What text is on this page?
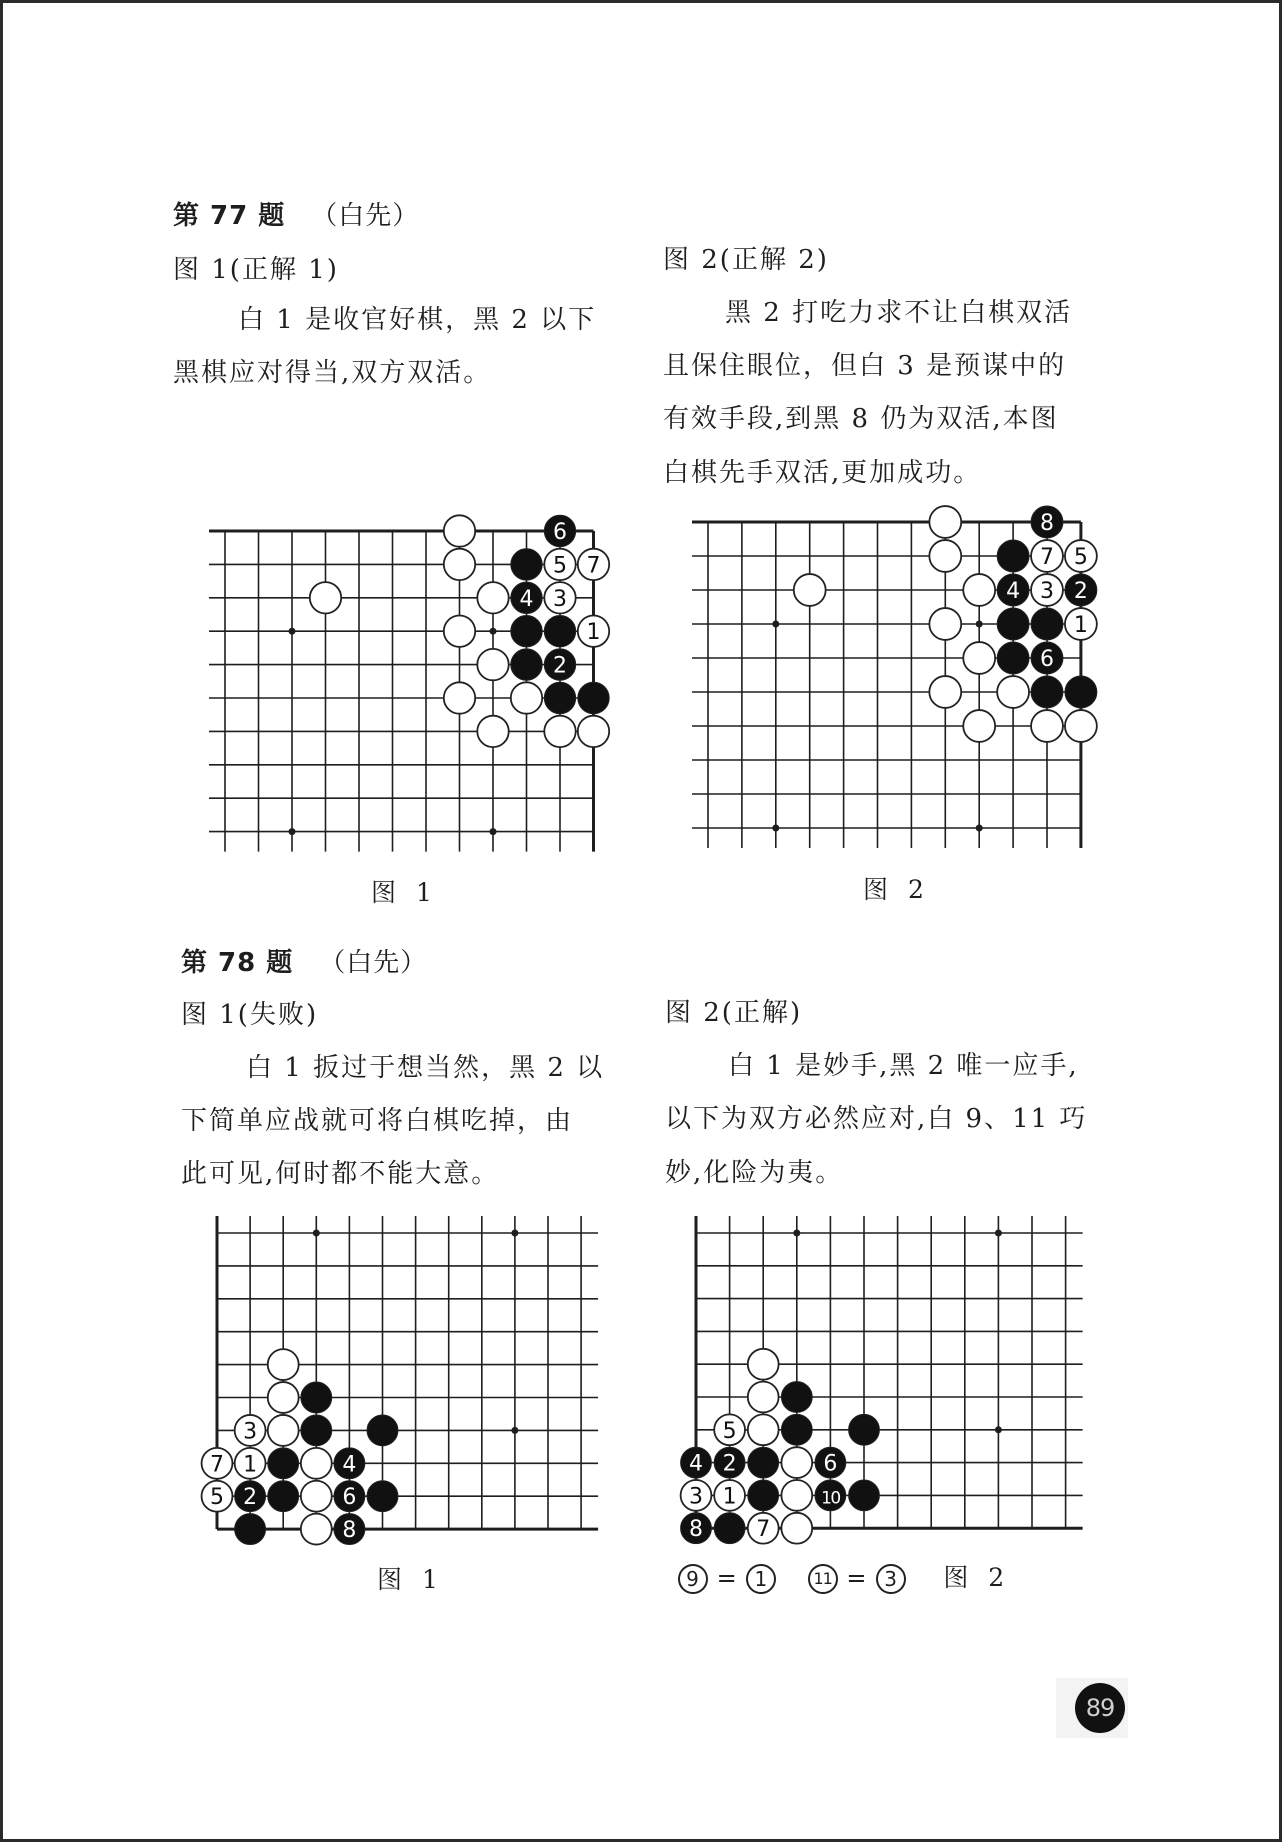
第 77 题 （白先）
图 1(正解 1)
白 1 是收官好棋，黑 2 以下
黑棋应对得当,双方双活。
图 2(正解 2)
黑 2 打吃力求不让白棋双活
且保住眼位，但白 3 是预谋中的
有效手段,到黑 8 仍为双活,本图
白棋先手双活,更加成功。
6
5 7
4 3
1
2
8
7 5
4 3 2
1
6
图 1	图 2
第 78 题 （白先）
图 1(失败)
白 1 扳过于想当然，黑 2 以
下简单应战就可将白棋吃掉，由
此可见,何时都不能大意。
图 2(正解)
白 1 是妙手,黑 2 唯一应手,
以下为双方必然应对,白 9、11 巧
妙,化险为夷。
3
7 1	4
5 2	6
8
5
4 2	6
3 1	10
8 7
图 1	9 = 1	11 = 3 图 2
89
